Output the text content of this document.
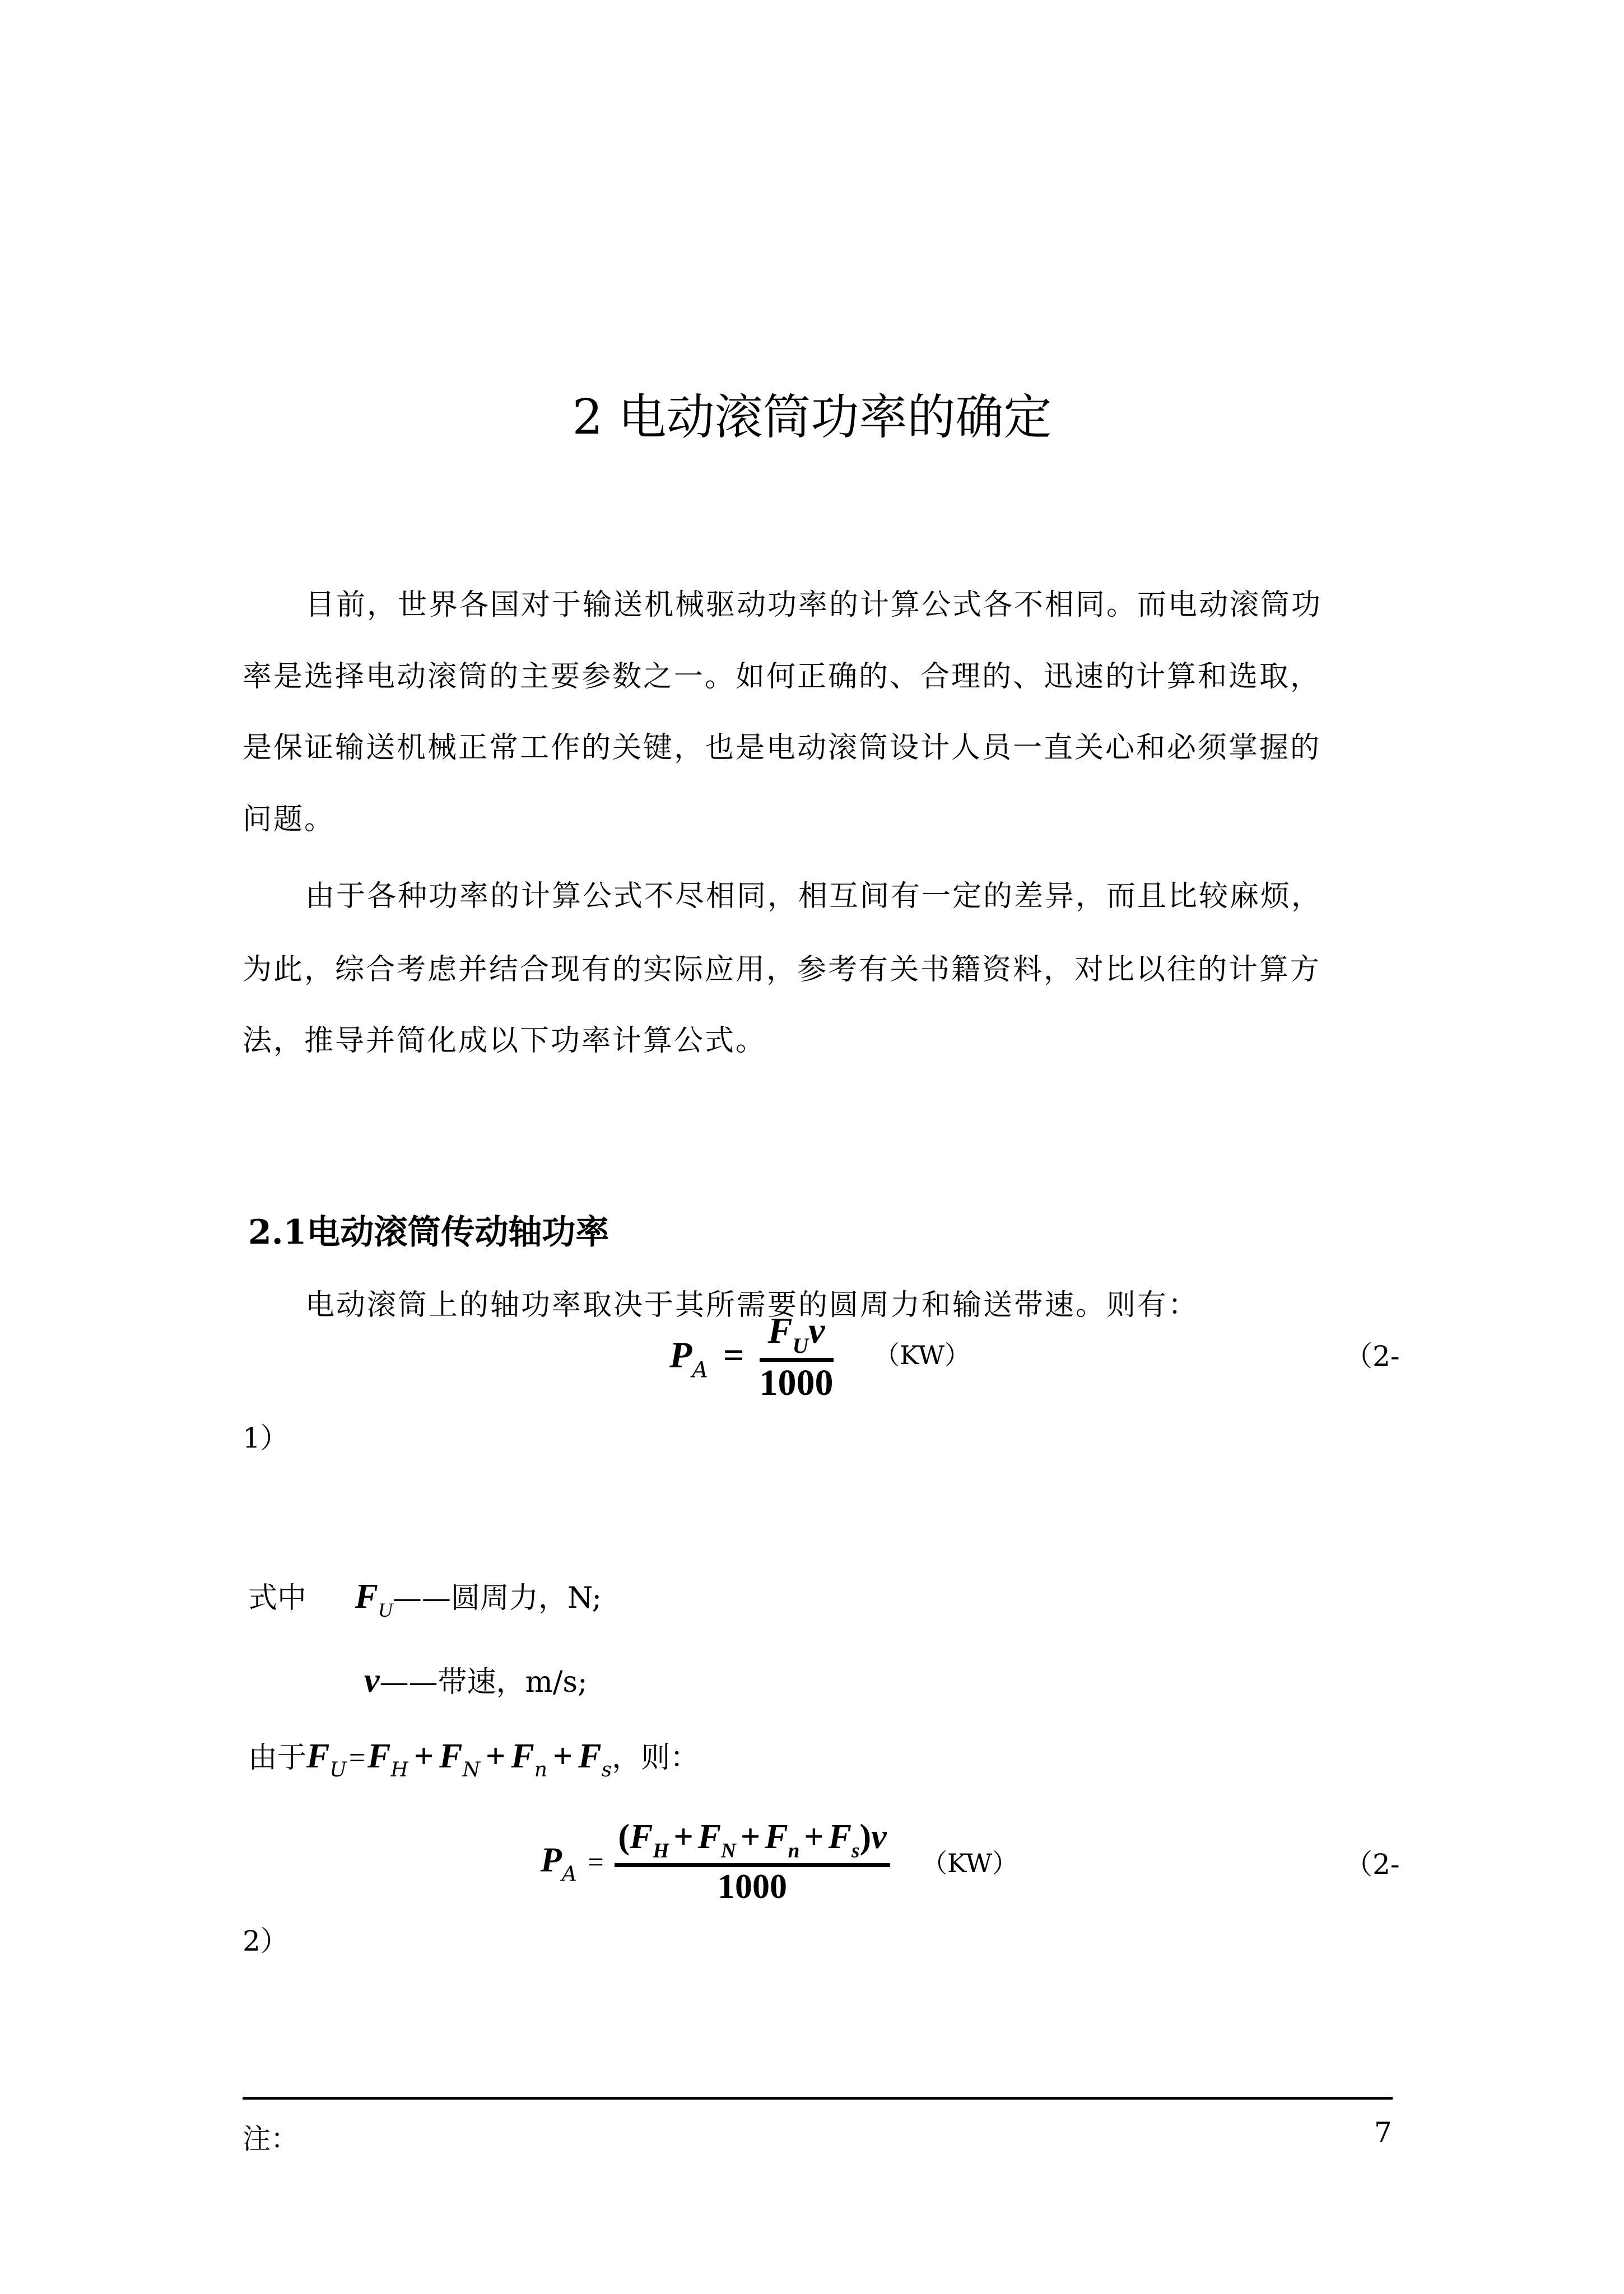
2 电动滚筒功率的确定
目前，世界各国对于输送机械驱动功率的计算公式各不相同。而电动滚筒功
率是选择电动滚筒的主要参数之一。如何正确的、合理的、迅速的计算和选取，
是保证输送机械正常工作的关键，也是电动滚筒设计人员一直关心和必须掌握的
问题。
由于各种功率的计算公式不尽相同，相互间有一定的差异，而且比较麻烦，
为此，综合考虑并结合现有的实际应用，参考有关书籍资料，对比以往的计算方
法，推导并简化成以下功率计算公式。
2.1电动滚筒传动轴功率
电动滚筒上的轴功率取决于其所需要的圆周力和输送带速。则有：
$P_A = \frac{F_Uv}{1000} (KW)$	（2-
1）
式中 $F_U——$圆周力，N;
v——带速，m/s;
由于$F_U=F_H + F_N + F_n + F_s$，则：
$P_A = \frac{(F_H + F_N + F_n + F_s)v}{1000} (KW)$	（2-
2）
注：	7
